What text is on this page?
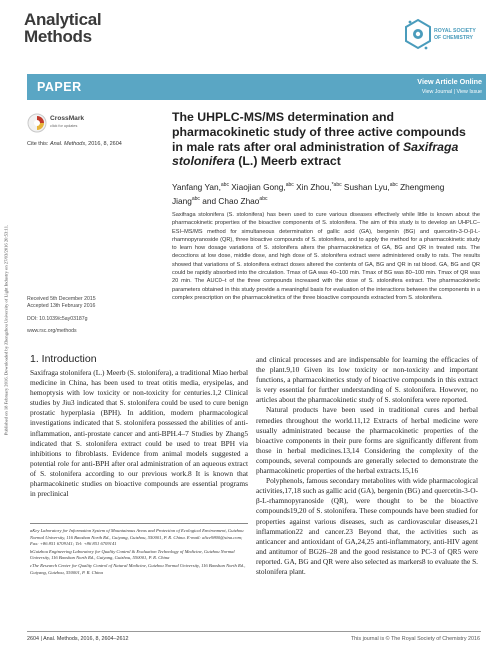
Analytical
Methods	ROYAL SOCIETY
OF CHEMISTRY
Published on 18 February 2016. Downloaded by Zhengzhou University of Light Industry on 27/03/2016 20:53:11.
PAPER	View Article Online
View Journal | View Issue
CrossMark
click for updates
Cite this: Anal. Methods, 2016, 8, 2604
The UHPLC-MS/MS determination and pharmacokinetic study of three active compounds in male rats after oral administration of Saxifraga stolonifera (L.) Meerb extract
Yanfang Yan,$^{abc}$ Xiaojian Gong,$^{abc}$ Xin Zhou,$^{*abc}$ Sushan Lyu,$^{abc}$ Zhengmeng Jiang$^{abc}$ and Chao Zhao$^{abc}$
Saxifraga stolonifera (S. stolonifera) has been used to cure various diseases effectively while little is known about the pharmacokinetic properties of the bioactive components of S. stolonifera. The aim of this study is to develop an UHPLC–ESI–MS/MS method for simultaneous determination of gallic acid (GA), bergenin (BG) and quercetin-3-O-β-L-rhamnopyranoside (QR), three bioactive compounds of S. stolonifera, and to apply the method for a pharmacokinetic study to learn how dosage variations of S. stolonifera alters the pharmacokinetics of GA, BG and QR in treated rats. The decoctions at low dose, middle dose, and high dose of S. stolonifera extract were administered orally to rats. The results showed that variations of S. stolonifera extract doses altered the contents of GA, BG and QR in rat blood. GA, BG and QR could be rapidly absorbed into the circulation. Tmax of GA was 40–100 min. Tmax of BG was 80–100 min. Tmax of QR was 20 min. The AUC0–t of the three compounds increased with the dose of S. stolonifera extract. The pharmacokinetic parameters obtained in this study provide a meaningful basis for evaluation of the interactions between the components in a complex prescription on the pharmacokinetics of the three bioactive compounds extracted from S. stolonifera.
Received 5th December 2015
Accepted 13th February 2016
DOI: 10.1039/c5ay03187g
www.rsc.org/methods
1. Introduction

Saxifraga stolonifera (L.) Meerb (S. stolonifera), a traditional Miao herbal medicine in China, has been used to treat otitis media, erysipelas, and hemoptysis with low toxicity or non-toxicity for centuries.1,2 Clinical studies by Jiu3 indicated that S. stolonifera could be used to cure benign prostatic hyperplasia (BPH). In addition, modern pharmacological investigations indicated that S. stolonifera possessed the abilities of anti-inflammation, anti-prostate cancer and anti-BPH.4–7 Studies by Zhang5 indicated that S. stolonifera extract could be used to treat BPH via inhibitions to fibroblasts. Evidence from animal models suggested a potential role for anti-BPH after oral administration of an aqueous extract of S. stolonifera according to our previous work.8 It is known that pharmacokinetic studies on bioactive compounds are essential programs in preclinical

and clinical processes and are indispensable for learning the efficacies of the plant.9,10 Given its low toxicity or non-toxicity and important functions, a pharmacokinetics study of bioactive compounds in this extract is very essential for further understanding of S. stolonifera. However, no articles about the pharmacokinetic study of S. stolonifera were reported.

Natural products have been used in traditional cures and herbal remedies throughout the world.11,12 Extracts of herbal medicine were usually administrated because the pharmacokinetic properties of the bioactive components in their pure forms are significantly different from those in herbal medicines.13,14 Considering the complexity of the compounds, several compounds are generally selected to demonstrate the pharmacokinetic properties of the herbal extracts.15,16

Polyphenols, famous secondary metabolites with wide pharmacological activities,17,18 such as gallic acid (GA), bergenin (BG) and quercetin-3-O-β-L-rhamnopyranoside (QR), were thought to be the bioactive compounds19,20 of S. stolonifera. These compounds have been studied for properties against various diseases, such as cardiovascular diseases,21 inflammation22 and cancer.23 Beyond that, the activities such as anticancer and antioxidant of GA,24,25 anti-inflammatory, anti-HIV agent and antitumor of BG26–28 and the good resistance to PC-3 of QR5 were reported. GA, BG and QR were also selected as markers8 to evaluate the S. stolonifera plant.

aKey Laboratory for Information System of Mountainous Areas and Protection of Ecological Environment, Guizhou Normal University, 116 Baoshan North Rd., Guiyang, Guizhou, 550001, P. R. China. E-mail: alice9800@sina.com; Fax: +86 851 6709141; Tel: +86 851 6709141

bGuizhou Engineering Laboratory for Quality Control & Evaluation Technology of Medicine, Guizhou Normal University, 116 Baoshan North Rd., Guiyang, Guizhou, 550001, P. R. China

cThe Research Center for Quality Control of Natural Medicine, Guizhou Normal University, 116 Baoshan North Rd., Guiyang, Guizhou, 550001, P. R. China

2604 | Anal. Methods, 2016, 8, 2604–2612	This journal is © The Royal Society of Chemistry 2016
